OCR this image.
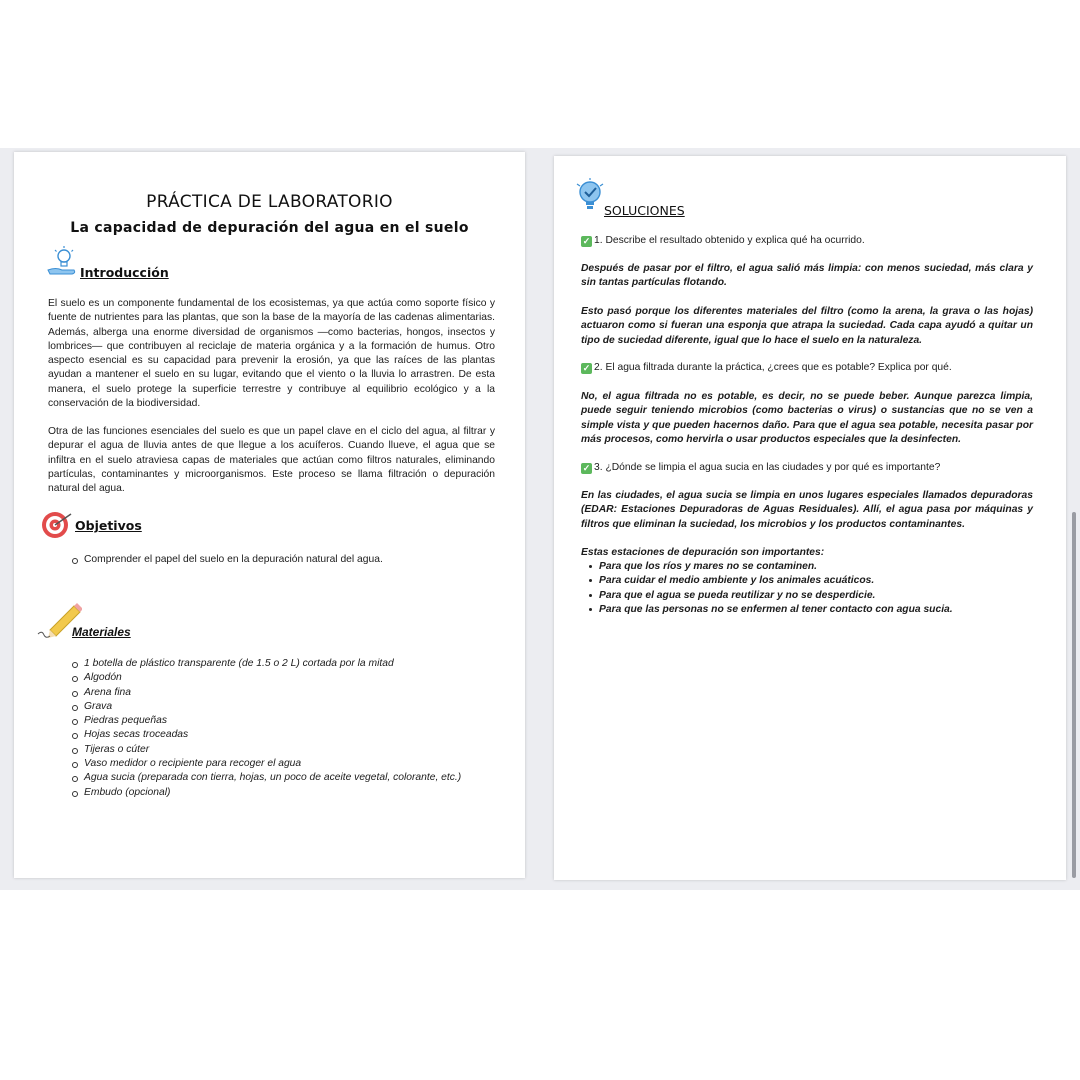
PRÁCTICA DE LABORATORIO
La capacidad de depuración del agua en el suelo
Introducción
El suelo es un componente fundamental de los ecosistemas, ya que actúa como soporte físico y fuente de nutrientes para las plantas, que son la base de la mayoría de las cadenas alimentarias. Además, alberga una enorme diversidad de organismos —como bacterias, hongos, insectos y lombrices— que contribuyen al reciclaje de materia orgánica y a la formación de humus. Otro aspecto esencial es su capacidad para prevenir la erosión, ya que las raíces de las plantas ayudan a mantener el suelo en su lugar, evitando que el viento o la lluvia lo arrastren. De esta manera, el suelo protege la superficie terrestre y contribuye al equilibrio ecológico y a la conservación de la biodiversidad.
Otra de las funciones esenciales del suelo es que un papel clave en el ciclo del agua, al filtrar y depurar el agua de lluvia antes de que llegue a los acuíferos. Cuando llueve, el agua que se infiltra en el suelo atraviesa capas de materiales que actúan como filtros naturales, eliminando partículas, contaminantes y microorganismos. Este proceso se llama filtración o depuración natural del agua.
Objetivos
Comprender el papel del suelo en la depuración natural del agua.
Materiales
1 botella de plástico transparente (de 1.5 o 2 L) cortada por la mitad
Algodón
Arena fina
Grava
Piedras pequeñas
Hojas secas troceadas
Tijeras o cúter
Vaso medidor o recipiente para recoger el agua
Agua sucia (preparada con tierra, hojas, un poco de aceite vegetal, colorante, etc.)
Embudo (opcional)
SOLUCIONES
✓ 1. Describe el resultado obtenido y explica qué ha ocurrido.
Después de pasar por el filtro, el agua salió más limpia: con menos suciedad, más clara y sin tantas partículas flotando.
Esto pasó porque los diferentes materiales del filtro (como la arena, la grava o las hojas) actuaron como si fueran una esponja que atrapa la suciedad. Cada capa ayudó a quitar un tipo de suciedad diferente, igual que lo hace el suelo en la naturaleza.
✓ 2. El agua filtrada durante la práctica, ¿crees que es potable? Explica por qué.
No, el agua filtrada no es potable, es decir, no se puede beber. Aunque parezca limpia, puede seguir teniendo microbios (como bacterias o virus) o sustancias que no se ven a simple vista y que pueden hacernos daño. Para que el agua sea potable, necesita pasar por más procesos, como hervirla o usar productos especiales que la desinfecten.
✓ 3. ¿Dónde se limpia el agua sucia en las ciudades y por qué es importante?
En las ciudades, el agua sucia se limpia en unos lugares especiales llamados depuradoras (EDAR: Estaciones Depuradoras de Aguas Residuales). Allí, el agua pasa por máquinas y filtros que eliminan la suciedad, los microbios y los productos contaminantes.
Estas estaciones de depuración son importantes:
Para que los ríos y mares no se contaminen.
Para cuidar el medio ambiente y los animales acuáticos.
Para que el agua se pueda reutilizar y no se desperdicie.
Para que las personas no se enfermen al tener contacto con agua sucia.
